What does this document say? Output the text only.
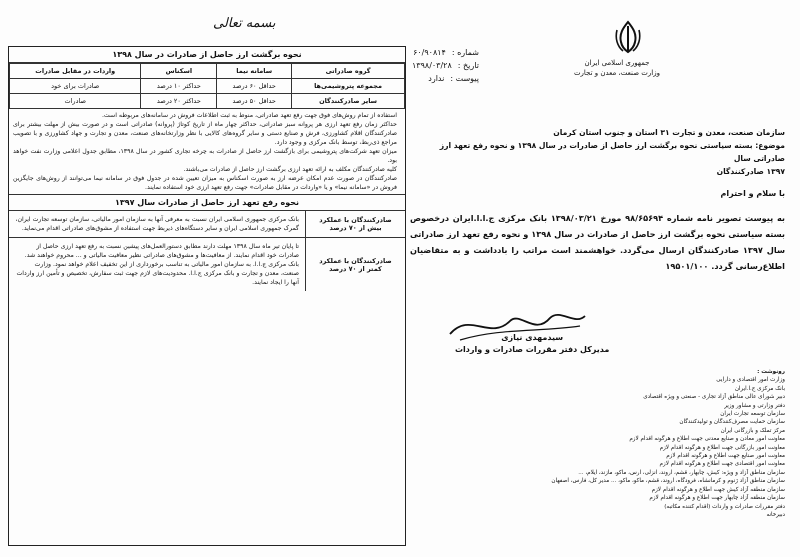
بسمه تعالی
نحوه برگشت ارز حاصل از صادرات در سال ۱۳۹۸
گروه صادراتی	سامانه نیما	اسکناس	واردات در مقابل صادرات
مجموعه پتروشیمی‌ها	حداقل ۶۰ درصد	حداکثر ۱۰ درصد	صادرات برای خود
سایر صادرکنندگان	حداقل ۵۰ درصد	حداکثر ۲۰ درصد	صادرات
استفاده از تمام روش‌های فوق جهت رفع تعهد صادراتی، منوط به ثبت اطلاعات فروش در سامانه‌های مربوطه است.
حداکثر زمان رفع تعهد ارزی هر پروانه سبز صادراتی، حداکثر چهار ماه از تاریخ کوتاژ (پروانه) صادراتی است و در صورت بیش از مهلت بیشتر برای صادرکنندگان اقلام کشاورزی، فرش و صنایع دستی و سایر گروه‌های کالایی با نظر وزارتخانه‌های صنعت، معدن و تجارت و جهاد کشاورزی و با تصویب مراجع ذی‌ربط، توسط بانک مرکزی و وجود دارد.
میزان تعهد شرکت‌های پتروشیمی برای بازگشت ارز حاصل از صادرات به چرخه تجاری کشور در سال ۱۳۹۸، مطابق جدول اعلامی وزارت نفت خواهد بود.
کلیه صادرکنندگان مکلف به ارائه تعهد ارزی برگشت ارز حاصل از صادرات می‌باشند.
صادرکنندگان در صورت عدم امکان عرضه ارز به صورت اسکناس به میزان تعیین شده در جدول فوق در سامانه نیما می‌توانند از روش‌های جایگزین فروش در «سامانه نیما» و یا «واردات در مقابل صادرات» جهت رفع تعهد ارزی خود استفاده نمایند.
نحوه رفع تعهد ارز حاصل از صادرات سال ۱۳۹۷
صادرکنندگان با عملکرد
بیش از ۷۰ درصد
بانک مرکزی جمهوری اسلامی ایران نسبت به معرفی آنها به سازمان امور مالیاتی، سازمان توسعه تجارت ایران، گمرک جمهوری اسلامی ایران و سایر دستگاه‌های ذیربط جهت استفاده از مشوق‌های صادراتی اقدام می‌نماید.
صادرکنندگان با عملکرد
کمتر از ۷۰ درصد
تا پایان تیر ماه سال ۱۳۹۸ مهلت دارند مطابق دستورالعمل‌های پیشین نسبت به رفع تعهد ارزی حاصل از صادرات خود اقدام نمایند. از معافیت‌ها و مشوق‌های صادراتی نظیر معافیت مالیاتی و ... محروم خواهند شد. بانک مرکزی ج.ا.ا. به سازمان امور مالیاتی به تناسب برخورداری از این تخفیف اعلام خواهد نمود. وزارت صنعت، معدن و تجارت و بانک مرکزی ج.ا.ا. محدودیت‌های لازم جهت ثبت سفارش، تخصیص و تأمین ارز واردات آنها را ایجاد نمایند.
جمهوری اسلامی ایران
وزارت صنعت، معدن و تجارت
شماره :
۶۰/۹۰۸۱۴
تاریخ :
۱۳۹۸/۰۳/۲۸
پیوست :
ندارد
سازمان صنعت، معدن و تجارت ۳۱ استان و جنوب استان کرمان
موضوع: بسته سیاستی نحوه برگشت ارز حاصل از صادرات در سال ۱۳۹۸ و نحوه رفع تعهد ارز صادراتی سال
۱۳۹۷ صادرکنندگان
با سلام و احترام
به پیوست تصویر نامه شماره ۹۸/۶۵۶۹۴ مورخ ۱۳۹۸/۰۳/۲۱ بانک مرکزی ج.ا.ا.ایران درخصوص بسته سیاستی نحوه برگشت ارز حاصل از صادرات در سال ۱۳۹۸ و نحوه رفع تعهد ارز صادراتی سال ۱۳۹۷ صادرکنندگان ارسال می‌گردد. خواهشمند است مراتب را بادداشت و به متقاضیان اطلاع‌رسانی گردد. ۱۹۵۰۱/۱۰۰
سیدمهدی نیازی
مدیرکل دفتر مقررات صادرات و واردات
رونوشت :
وزارت امور اقتصادی و دارایی
بانک مرکزی ج.ا.ایران
دبیر شورای عالی مناطق آزاد تجاری - صنعتی و ویژه اقتصادی
دفتر وزارتی و مشاور وزیر
سازمان توسعه تجارت ایران
سازمان حمایت مصرف‌کنندگان و تولیدکنندگان
مرکز تملک و بازرگانی ایران
معاونت امور معادن و صنایع معدنی جهت اطلاع و هرگونه اقدام لازم
معاونت امور بازرگانی جهت اطلاع و هرگونه اقدام لازم
معاونت امور صنایع جهت اطلاع و هرگونه اقدام لازم
معاونت امور اقتصادی جهت اطلاع و هرگونه اقدام لازم
سازمان مناطق آزاد و ویژه: کیش، چابهار، قشم، اروند، انزلی، ارس، ماکو، مازند، ایلام، ...
سازمان مناطق آزاد ژنوم و کرمانشاه، فرودگاه، اروند، قشم، ماکو، ماکو، ... مدیر کل، فارس، اصفهان
سازمان منطقه آزاد کیش جهت اطلاع و هرگونه اقدام لازم
سازمان منطقه آزاد چابهار جهت اطلاع و هرگونه اقدام لازم
دفتر مقررات صادرات و واردات (اقدام کننده مکاتبه)
دبیرخانه
